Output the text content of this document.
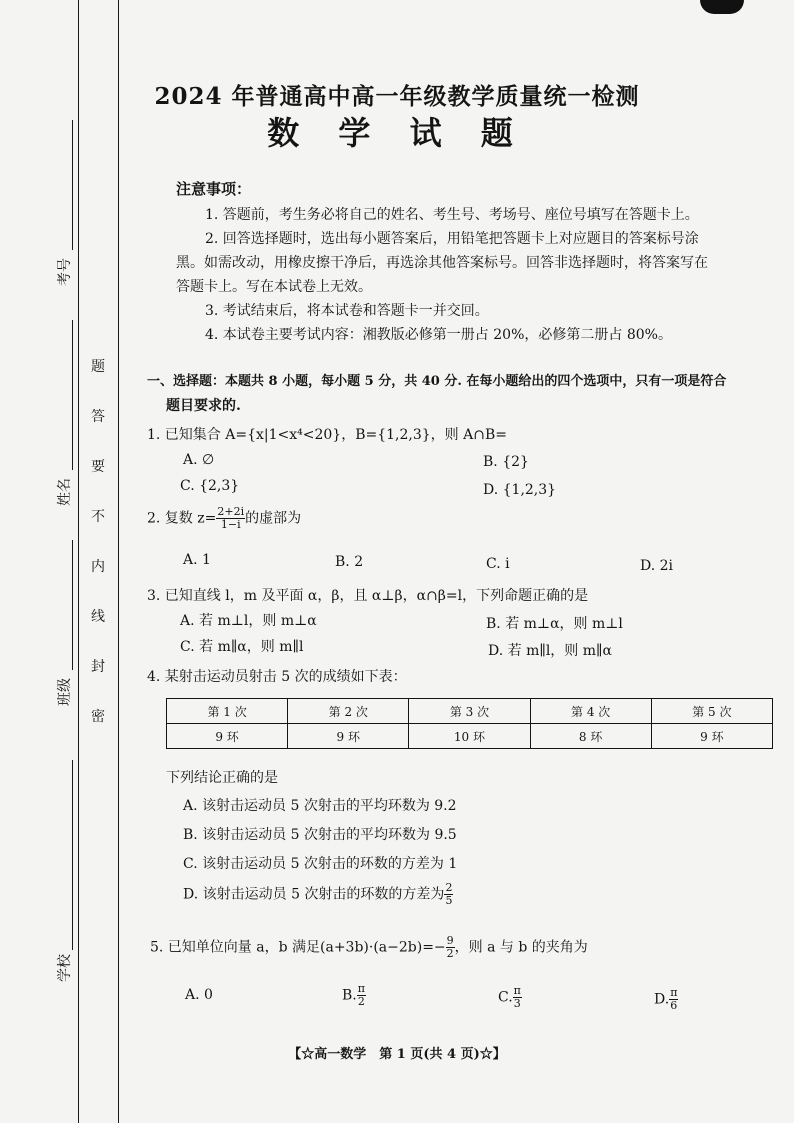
考号
姓名
班级
学校
题
答
要
不
内
线
封
密
2024 年普通高中高一年级教学质量统一检测
数 学 试 题
注意事项：
1. 答题前，考生务必将自己的姓名、考生号、考场号、座位号填写在答题卡上。
2. 回答选择题时，选出每小题答案后，用铅笔把答题卡上对应题目的答案标号涂
黑。如需改动，用橡皮擦干净后，再选涂其他答案标号。回答非选择题时，将答案写在
答题卡上。写在本试卷上无效。
3. 考试结束后，将本试卷和答题卡一并交回。
4. 本试卷主要考试内容：湘教版必修第一册占 20%，必修第二册占 80%。
一、选择题：本题共 8 小题，每小题 5 分，共 40 分. 在每小题给出的四个选项中，只有一项是符合
题目要求的.
1. 已知集合 A={x|1<x⁴<20}，B={1,2,3}，则 A∩B=
A. ∅	B. {2}
C. {2,3}	D. {1,2,3}
2. 复数 $z= \frac{2+2i}{1-i}$ 的虚部为
A. 1	B. 2	C. i	D. 2i
3. 已知直线 l，m 及平面 α，β，且 α⊥β，α∩β=l，下列命题正确的是
A. 若 m⊥l，则 m⊥α	B. 若 m⊥α，则 m⊥l
C. 若 m∥α，则 m∥l	D. 若 m∥l，则 m∥α
4. 某射击运动员射击 5 次的成绩如下表：
第 1 次	第 2 次	第 3 次	第 4 次	第 5 次
9 环	9 环	10 环	8 环	9 环
下列结论正确的是
A. 该射击运动员 5 次射击的平均环数为 9.2
B. 该射击运动员 5 次射击的平均环数为 9.5
C. 该射击运动员 5 次射击的环数的方差为 1
D. 该射击运动员 5 次射击的环数的方差为 $\frac{2}{5}$
5. 已知单位向量 a，b 满足$(a+3b)\cdot(a-2b)=- \frac{9}{2}$ ，则 a 与 b 的夹角为
A. 0	B. $\frac{\pi}{2}$	C. $\frac{\pi}{3}$	D. $\frac{\pi}{6}$
【☆高一数学　第 1 页(共 4 页)☆】
